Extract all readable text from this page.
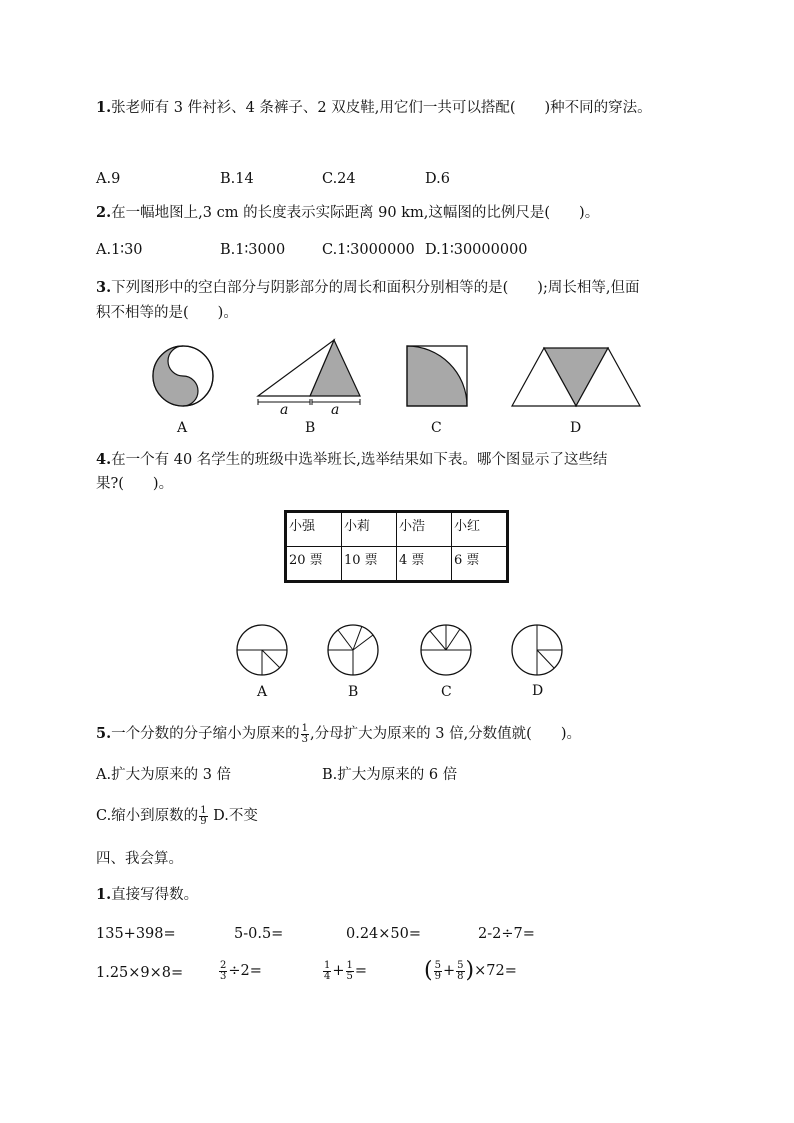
1.张老师有 3 件衬衫、4 条裤子、2 双皮鞋,用它们一共可以搭配(　　)种不同的穿法。
A.9	B.14	C.24	D.6
2.在一幅地图上,3 cm 的长度表示实际距离 90 km,这幅图的比例尺是(　　)。
A.1∶30	B.1∶3000	C.1∶3000000 D.1∶30000000
3.下列图形中的空白部分与阴影部分的周长和面积分别相等的是(　　);周长相等,但面
积不相等的是(　　)。
A
a	a
B	C	D
4.在一个有 40 名学生的班级中选举班长,选举结果如下表。哪个图显示了这些结
果?(　　)。
小强	小莉	小浩	小红
20 票	10 票	4 票	6 票
A	B	C	D
5.一个分数的分子缩小为原来的 $\frac{1}{3}$ ,分母扩大为原来的 3 倍,分数值就(　　)。
A.扩大为原来的 3 倍	B.扩大为原来的 6 倍
C.缩小到原数的 $\frac{1}{9} D$.不变
四、我会算。
1.直接写得数。
135+398=	5-0.5=	0.24×50=	2-2÷7=
1.25×9×8=	$\frac{2}{3} \div 2=$	$\frac{1}{4} + \frac{1}{5}$ =	( $\frac{5}{9} + \frac{5}{8} )\times 72=$
